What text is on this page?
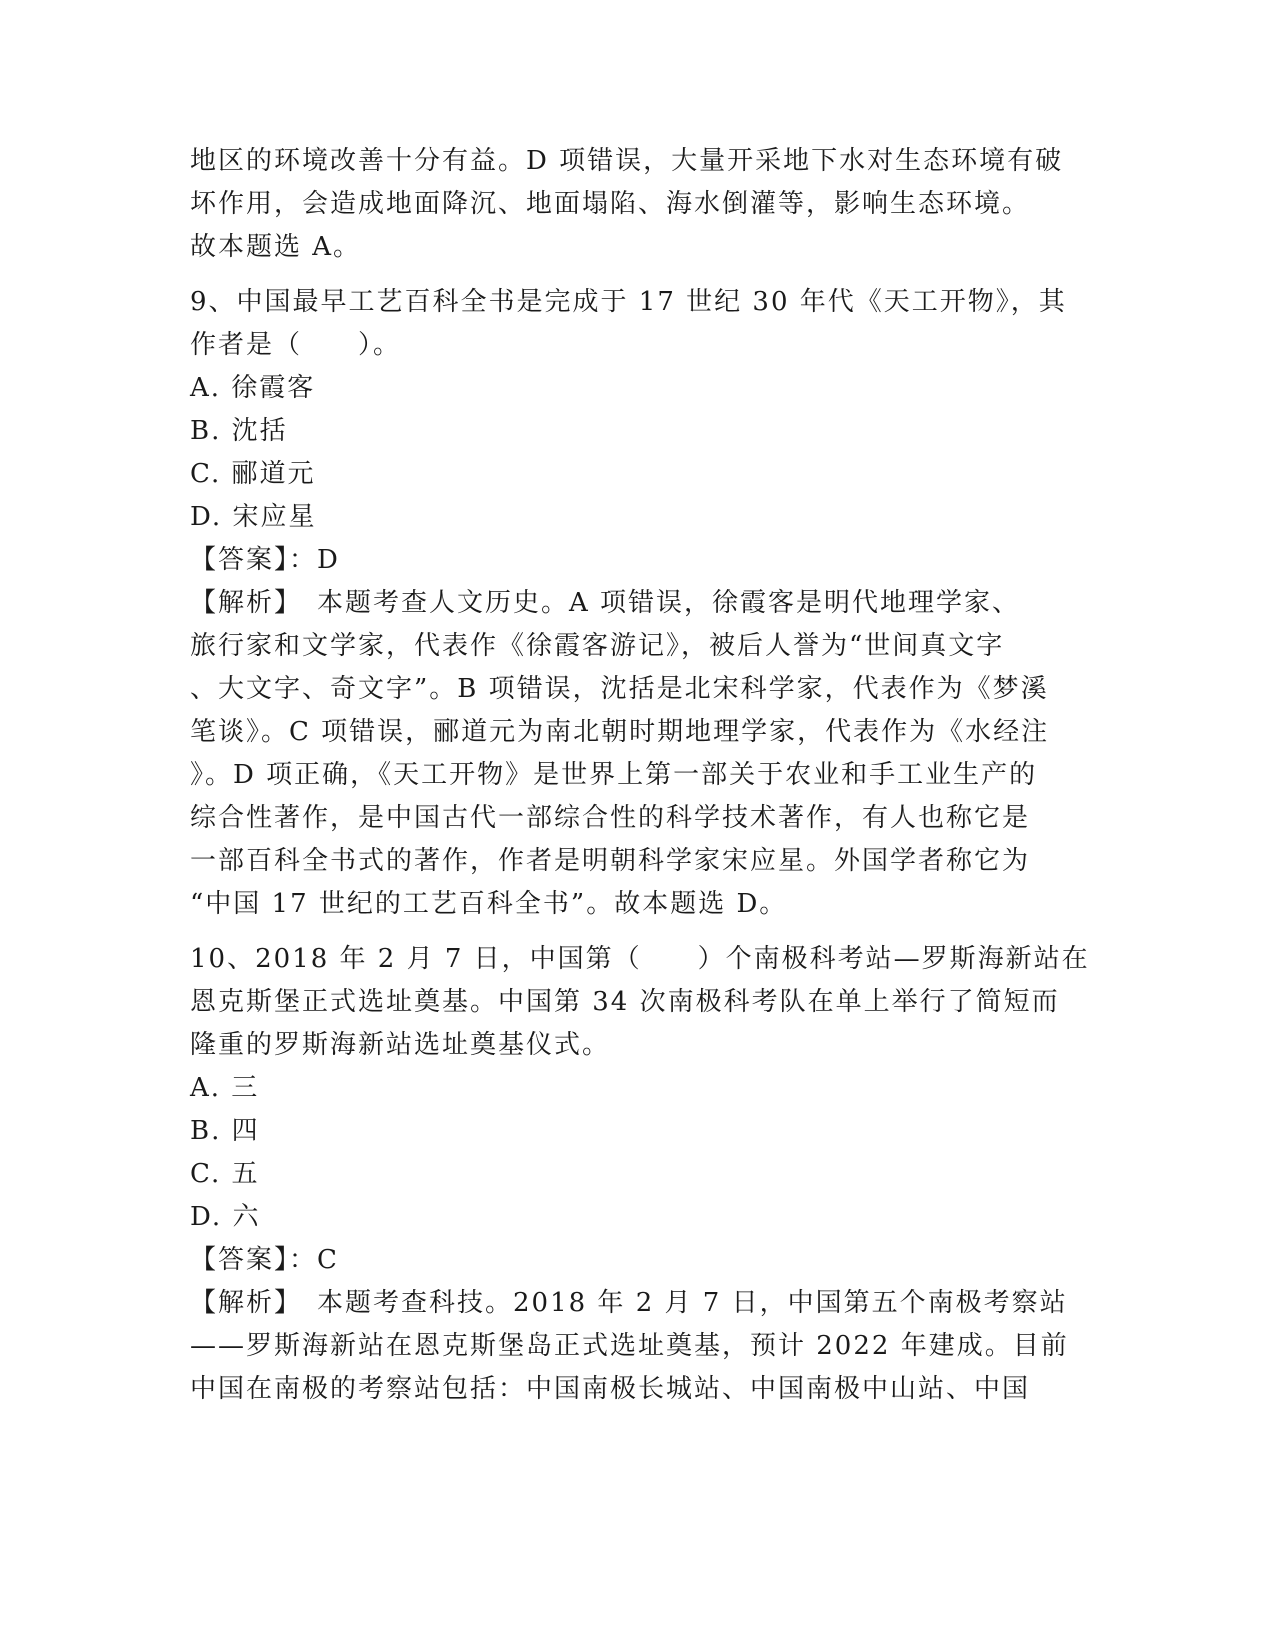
地区的环境改善十分有益。D 项错误，大量开采地下水对生态环境有破
坏作用，会造成地面降沉、地面塌陷、海水倒灌等，影响生态环境。
故本题选 A。
9、中国最早工艺百科全书是完成于 17 世纪 30 年代《天工开物》，其
作者是（　　）。
A. 徐霞客
B. 沈括
C. 郦道元
D. 宋应星
【答案】：D
【解析】　本题考查人文历史。A 项错误，徐霞客是明代地理学家、
旅行家和文学家，代表作《徐霞客游记》，被后人誉为“世间真文字
、大文字、奇文字”。B 项错误，沈括是北宋科学家，代表作为《梦溪
笔谈》。C 项错误，郦道元为南北朝时期地理学家，代表作为《水经注
》。D 项正确，《天工开物》是世界上第一部关于农业和手工业生产的
综合性著作，是中国古代一部综合性的科学技术著作，有人也称它是
一部百科全书式的著作，作者是明朝科学家宋应星。外国学者称它为
“中国 17 世纪的工艺百科全书”。故本题选 D。
10、2018 年 2 月 7 日，中国第（　　）个南极科考站—罗斯海新站在
恩克斯堡正式选址奠基。中国第 34 次南极科考队在单上举行了简短而
隆重的罗斯海新站选址奠基仪式。
A. 三
B. 四
C. 五
D. 六
【答案】：C
【解析】　本题考查科技。2018 年 2 月 7 日，中国第五个南极考察站
——罗斯海新站在恩克斯堡岛正式选址奠基，预计 2022 年建成。目前
中国在南极的考察站包括：中国南极长城站、中国南极中山站、中国
